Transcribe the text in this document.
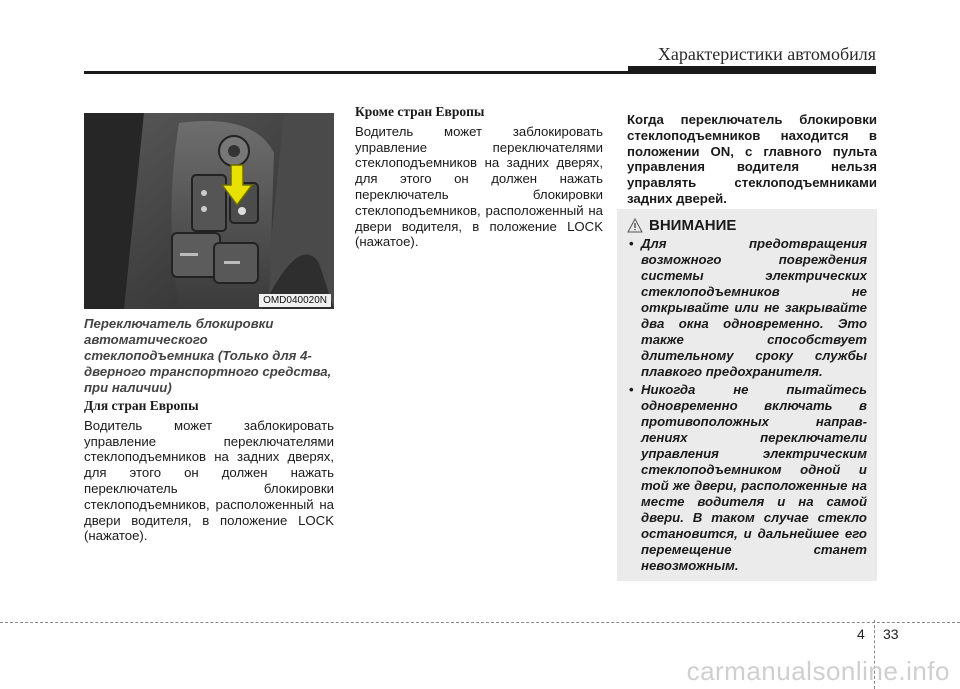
Характеристики автомобиля
OMD040020N

Переключатель блокировки автоматического стеклоподъемника (Только для 4-дверного транспортного средства, при наличии)

Для стран Европы

Водитель может заблокировать управление переключателями стеклоподъемников на задних дверях, для этого он должен нажать переключатель блокировки стеклоподъемников, расположенный на двери водителя, в положение LOCK (нажатое).

Кроме стран Европы

Водитель может заблокировать управление переключателями стеклоподъемников на задних дверях, для этого он должен нажать переключатель блокировки стеклоподъемников, расположенный на двери водителя, в положение LOCK (нажатое).

Когда переключатель блокировки стеклоподъемников находится в положении ON, с главного пульта управления водителя нельзя управлять стеклоподъемниками задних дверей.

ВНИМАНИЕ
• Для предотвращения возможного повреждения системы электрических стеклоподъемников не открывайте или не закрывайте два окна одновременно. Это также способствует длительному сроку службы плавкого предохранителя.
• Никогда не пытайтесь одновременно включать в противоположных направ-лениях переключатели управления электрическим стеклоподъемником одной и той же двери, расположенные на месте водителя и на самой двери. В таком случае стекло остановится, и дальнейшее его перемещение станет невозможным.
4 33
carmanualsonline.info
